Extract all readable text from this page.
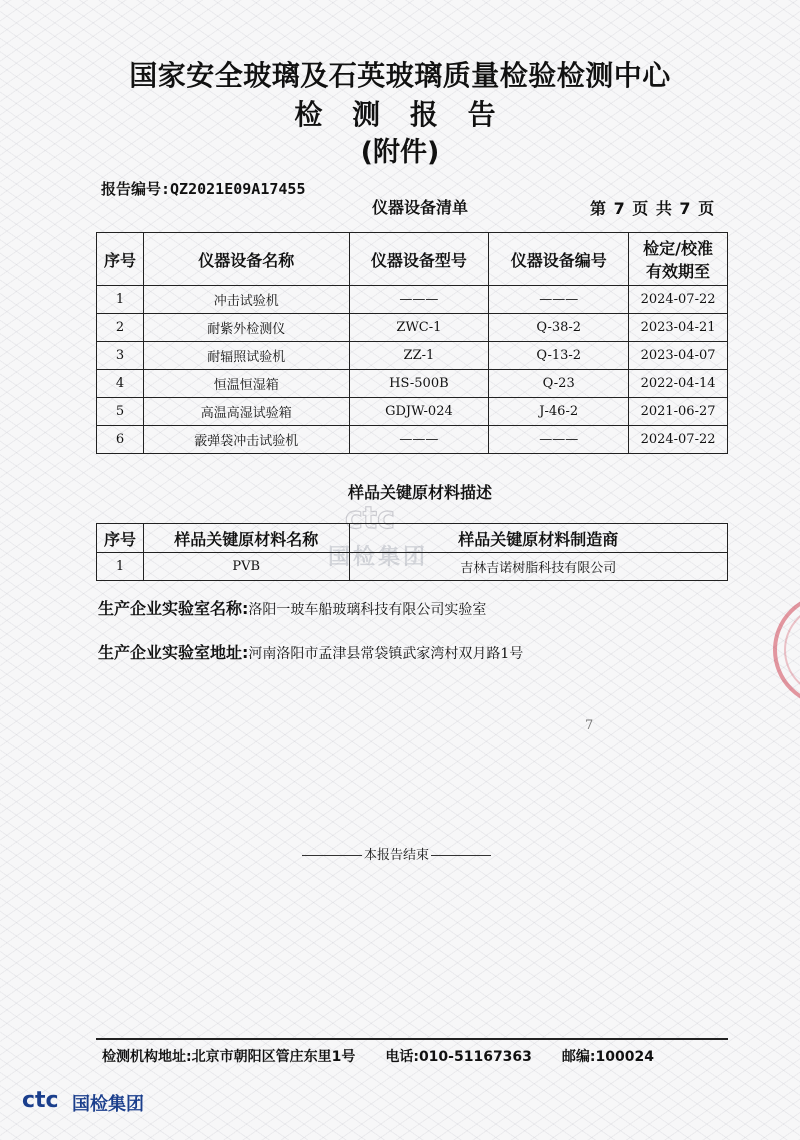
国家安全玻璃及石英玻璃质量检验检测中心
检 测 报 告
(附件)
报告编号:QZ2021E09A17455
仪器设备清单	第 7 页 共 7 页
ctc
国检集团
序号	仪器设备名称	仪器设备型号	仪器设备编号	检定/校准
有效期至

1	冲击试验机	———	———	2024-07-22
2	耐紫外检测仪	ZWC-1	Q-38-2	2023-04-21
3	耐辐照试验机	ZZ-1	Q-13-2	2023-04-07
4	恒温恒湿箱	HS-500B	Q-23	2022-04-14
5	高温高湿试验箱	GDJW-024	J-46-2	2021-06-27
6	霰弹袋冲击试验机	———	———	2024-07-22
样品关键原材料描述
序号	样品关键原材料名称	样品关键原材料制造商
1	PVB	吉林吉诺树脂科技有限公司
生产企业实验室名称:洛阳一玻车船玻璃科技有限公司实验室
生产企业实验室地址:河南洛阳市孟津县常袋镇武家湾村双月路1号
7
本报告结束
检测机构地址:北京市朝阳区管庄东里1号 电话:010-51167363 邮编:100024
ctc 国检集团
